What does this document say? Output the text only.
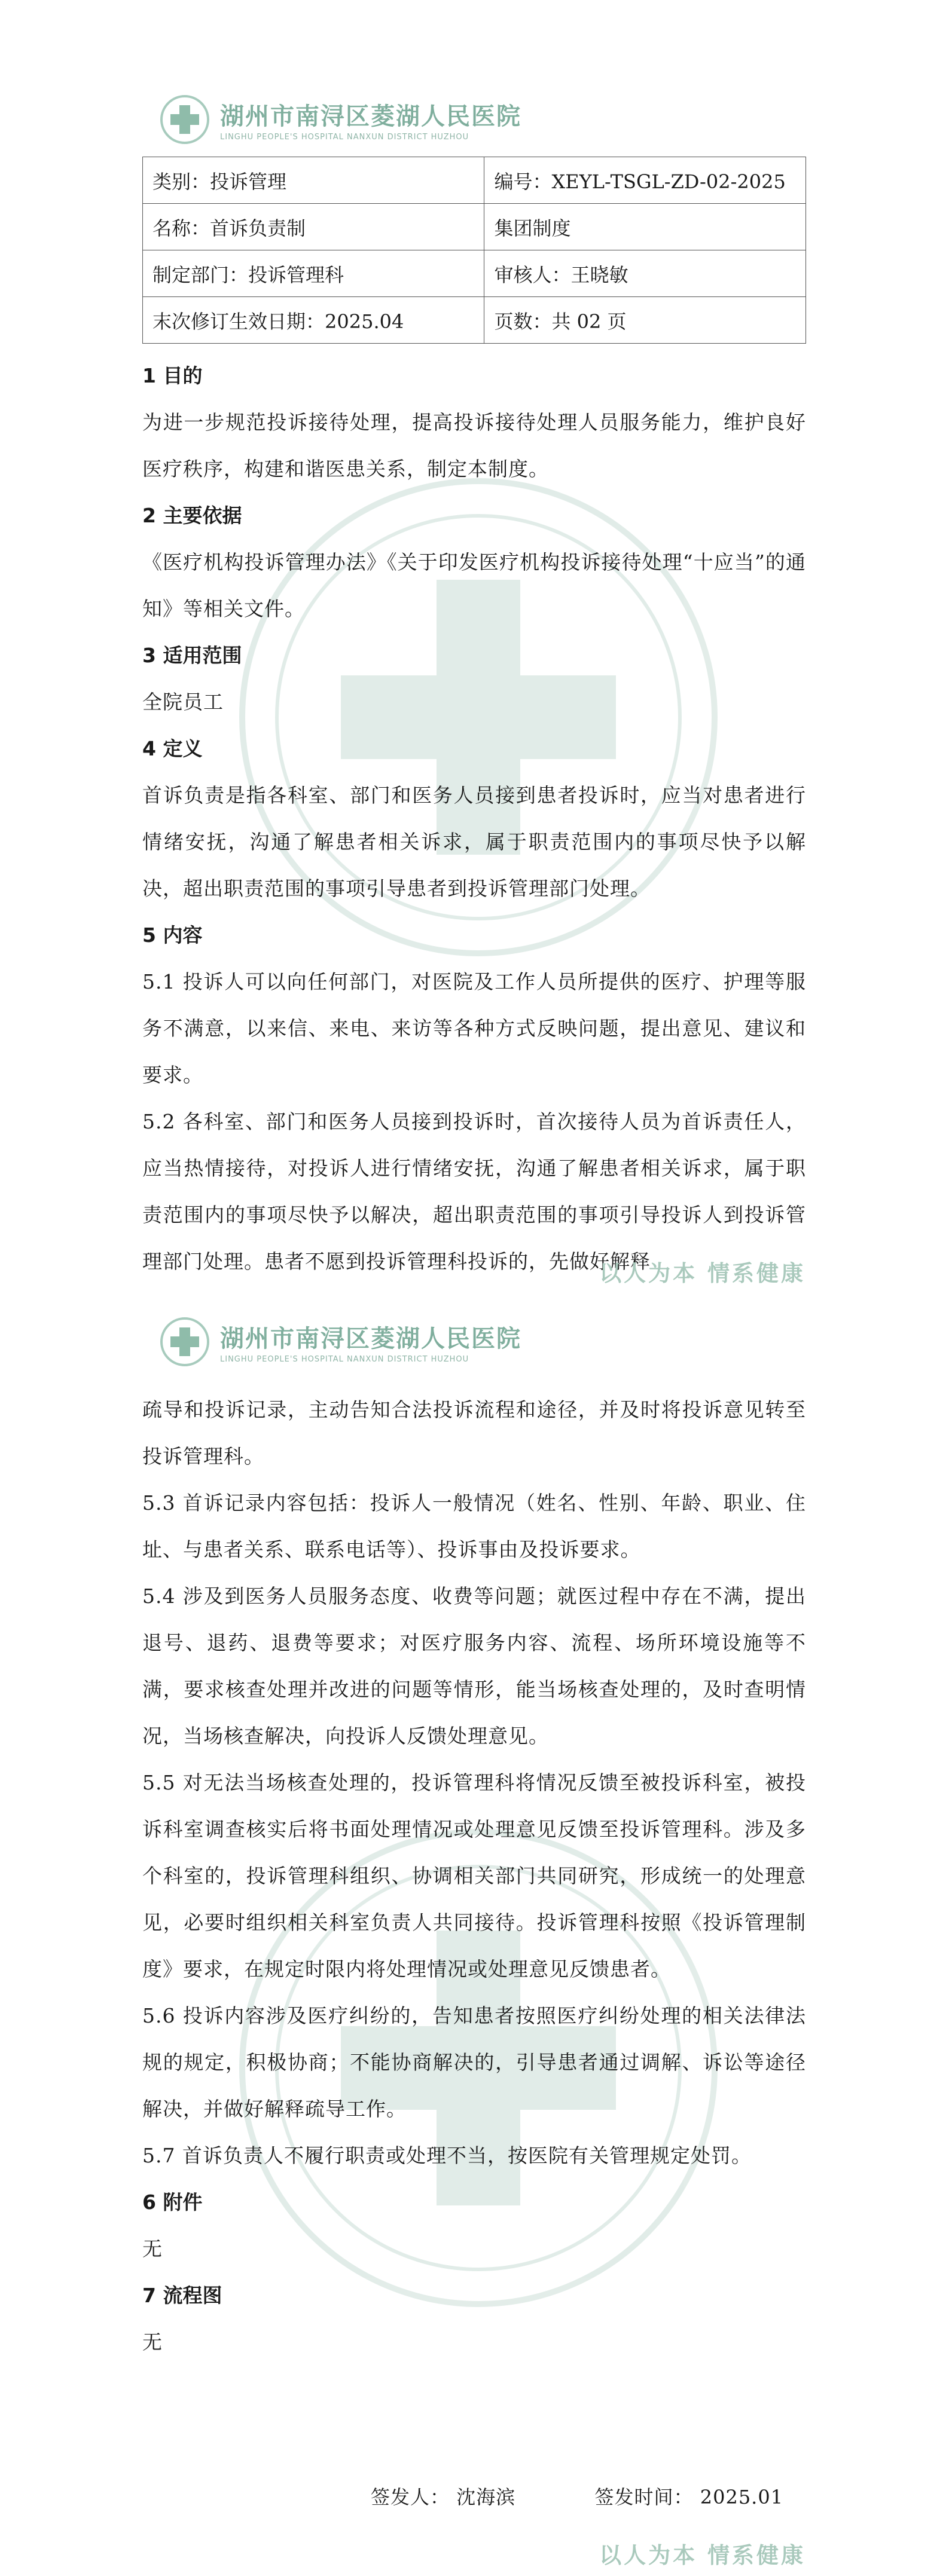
湖州市南浔区菱湖人民医院
LINGHU PEOPLE'S HOSPITAL NANXUN DISTRICT HUZHOU
类别：投诉管理	编号：XEYL-TSGL-ZD-02-2025
名称：首诉负责制	集团制度
制定部门：投诉管理科	审核人：王晓敏
末次修订生效日期：2025.04	页数：共 02 页
1 目的
为进一步规范投诉接待处理，提高投诉接待处理人员服务能力，维护良好医疗秩序，构建和谐医患关系，制定本制度。
2 主要依据
《医疗机构投诉管理办法》《关于印发医疗机构投诉接待处理“十应当”的通知》等相关文件。
3 适用范围
全院员工
4 定义
首诉负责是指各科室、部门和医务人员接到患者投诉时，应当对患者进行情绪安抚，沟通了解患者相关诉求，属于职责范围内的事项尽快予以解决，超出职责范围的事项引导患者到投诉管理部门处理。
5 内容
5.1 投诉人可以向任何部门，对医院及工作人员所提供的医疗、护理等服务不满意，以来信、来电、来访等各种方式反映问题，提出意见、建议和要求。
5.2 各科室、部门和医务人员接到投诉时，首次接待人员为首诉责任人，应当热情接待，对投诉人进行情绪安抚，沟通了解患者相关诉求，属于职责范围内的事项尽快予以解决，超出职责范围的事项引导投诉人到投诉管理部门处理。患者不愿到投诉管理科投诉的，先做好解释
以人为本 情系健康
湖州市南浔区菱湖人民医院
LINGHU PEOPLE'S HOSPITAL NANXUN DISTRICT HUZHOU
疏导和投诉记录，主动告知合法投诉流程和途径，并及时将投诉意见转至投诉管理科。
5.3 首诉记录内容包括：投诉人一般情况（姓名、性别、年龄、职业、住址、与患者关系、联系电话等）、投诉事由及投诉要求。
5.4 涉及到医务人员服务态度、收费等问题；就医过程中存在不满，提出退号、退药、退费等要求；对医疗服务内容、流程、场所环境设施等不满，要求核查处理并改进的问题等情形，能当场核查处理的，及时查明情况，当场核查解决，向投诉人反馈处理意见。
5.5 对无法当场核查处理的，投诉管理科将情况反馈至被投诉科室，被投诉科室调查核实后将书面处理情况或处理意见反馈至投诉管理科。涉及多个科室的，投诉管理科组织、协调相关部门共同研究，形成统一的处理意见，必要时组织相关科室负责人共同接待。投诉管理科按照《投诉管理制度》要求，在规定时限内将处理情况或处理意见反馈患者。
5.6 投诉内容涉及医疗纠纷的，告知患者按照医疗纠纷处理的相关法律法规的规定，积极协商；不能协商解决的，引导患者通过调解、诉讼等途径解决，并做好解释疏导工作。
5.7 首诉负责人不履行职责或处理不当，按医院有关管理规定处罚。
6 附件
无
7 流程图
无
签发人： 沈海滨	签发时间： 2025.01
以人为本 情系健康
